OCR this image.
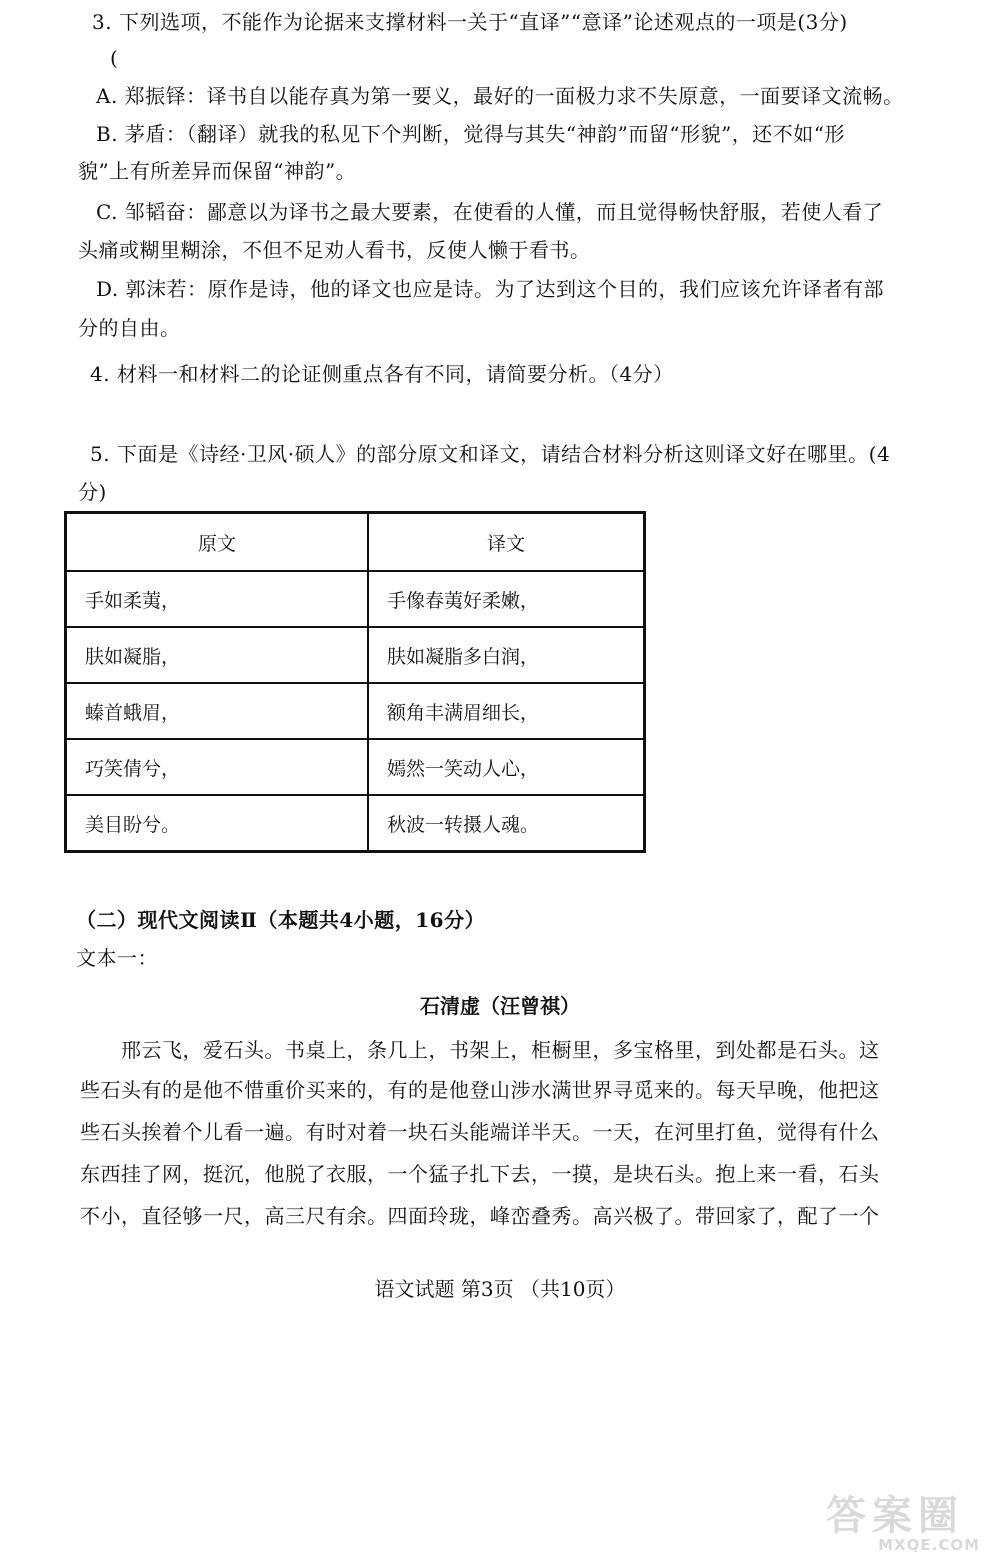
3. 下列选项，不能作为论据来支撑材料一关于“直译”“意译”论述观点的一项是(3分)
(
A. 郑振铎：译书自以能存真为第一要义，最好的一面极力求不失原意，一面要译文流畅。
B. 茅盾：（翻译）就我的私见下个判断，觉得与其失“神韵”而留“形貌”，还不如“形
貌”上有所差异而保留“神韵”。
C. 邹韬奋：鄙意以为译书之最大要素，在使看的人懂，而且觉得畅快舒服，若使人看了
头痛或糊里糊涂，不但不足劝人看书，反使人懒于看书。
D. 郭沫若：原作是诗，他的译文也应是诗。为了达到这个目的，我们应该允许译者有部
分的自由。
4. 材料一和材料二的论证侧重点各有不同，请简要分析。（4分）
5. 下面是《诗经·卫风·硕人》的部分原文和译文，请结合材料分析这则译文好在哪里。(4
分)
原文	译文
手如柔荑，	手像春荑好柔嫩，
肤如凝脂，	肤如凝脂多白润，
螓首蛾眉，	额角丰满眉细长，
巧笑倩兮，	嫣然一笑动人心，
美目盼兮。	秋波一转摄人魂。
（二）现代文阅读Ⅱ（本题共4小题，16分）
文本一：
石清虚（汪曾祺）
　　邢云飞，爱石头。书桌上，条几上，书架上，柜橱里，多宝格里，到处都是石头。这
些石头有的是他不惜重价买来的，有的是他登山涉水满世界寻觅来的。每天早晚，他把这
些石头挨着个儿看一遍。有时对着一块石头能端详半天。一天，在河里打鱼，觉得有什么
东西挂了网，挺沉，他脱了衣服，一个猛子扎下去，一摸，是块石头。抱上来一看，石头
不小，直径够一尺，高三尺有余。四面玲珑，峰峦叠秀。高兴极了。带回家了，配了一个
语文试题 第3页 （共10页）
答案圈
MXQE.COM
